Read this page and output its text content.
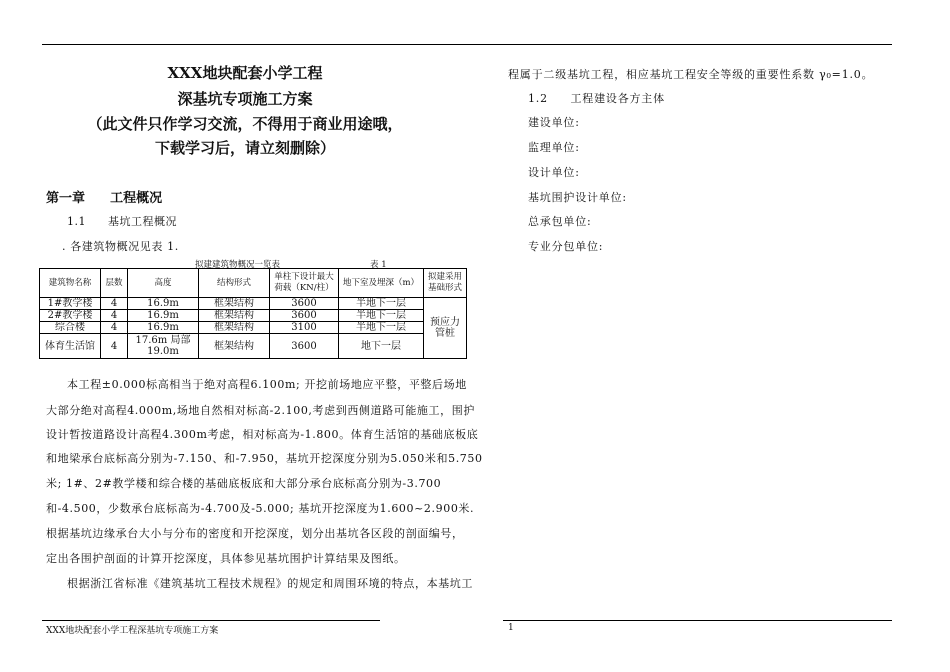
XXX地块配套小学工程
深基坑专项施工方案
（此文件只作学习交流，不得用于商业用途哦，
下载学习后，请立刻删除）
第一章 工程概况
1.1 基坑工程概况
. 各建筑物概况见表 1.
拟建建筑物概况一览表	表 1
建筑物名称	层数	高度	结构形式	单柱下设计最大荷载（KN/柱）	地下室及埋深（m）	拟建采用基础形式
1#教学楼	4	16.9m	框架结构	3600	半地下一层	预应力管桩
2#教学楼	4	16.9m	框架结构	3600	半地下一层	
综合楼	4	16.9m	框架结构	3100	半地下一层	
体育生活馆	4	17.6m 局部 19.0m	框架结构	3600	地下一层	
本工程±0.000标高相当于绝对高程6.100m; 开挖前场地应平整，平整后场地
大部分绝对高程4.000m,场地自然相对标高-2.100,考虑到西侧道路可能施工，围护
设计暂按道路设计高程4.300m考虑，相对标高为-1.800。体育生活馆的基础底板底
和地梁承台底标高分别为-7.150、和-7.950，基坑开挖深度分别为5.050米和5.750
米; 1#、2#教学楼和综合楼的基础底板底和大部分承台底标高分别为-3.700
和-4.500，少数承台底标高为-4.700及-5.000; 基坑开挖深度为1.600~2.900米.
根据基坑边缘承台大小与分布的密度和开挖深度，划分出基坑各区段的剖面编号，
定出各围护剖面的计算开挖深度，具体参见基坑围护计算结果及图纸。
根据浙江省标准《建筑基坑工程技术规程》的规定和周围环境的特点，本基坑工
程属于二级基坑工程，相应基坑工程安全等级的重要性系数 γ₀=1.0。
1.2 工程建设各方主体
建设单位:
监理单位:
设计单位:
基坑围护设计单位:
总承包单位:
专业分包单位:
XXX地块配套小学工程深基坑专项施工方案	1
